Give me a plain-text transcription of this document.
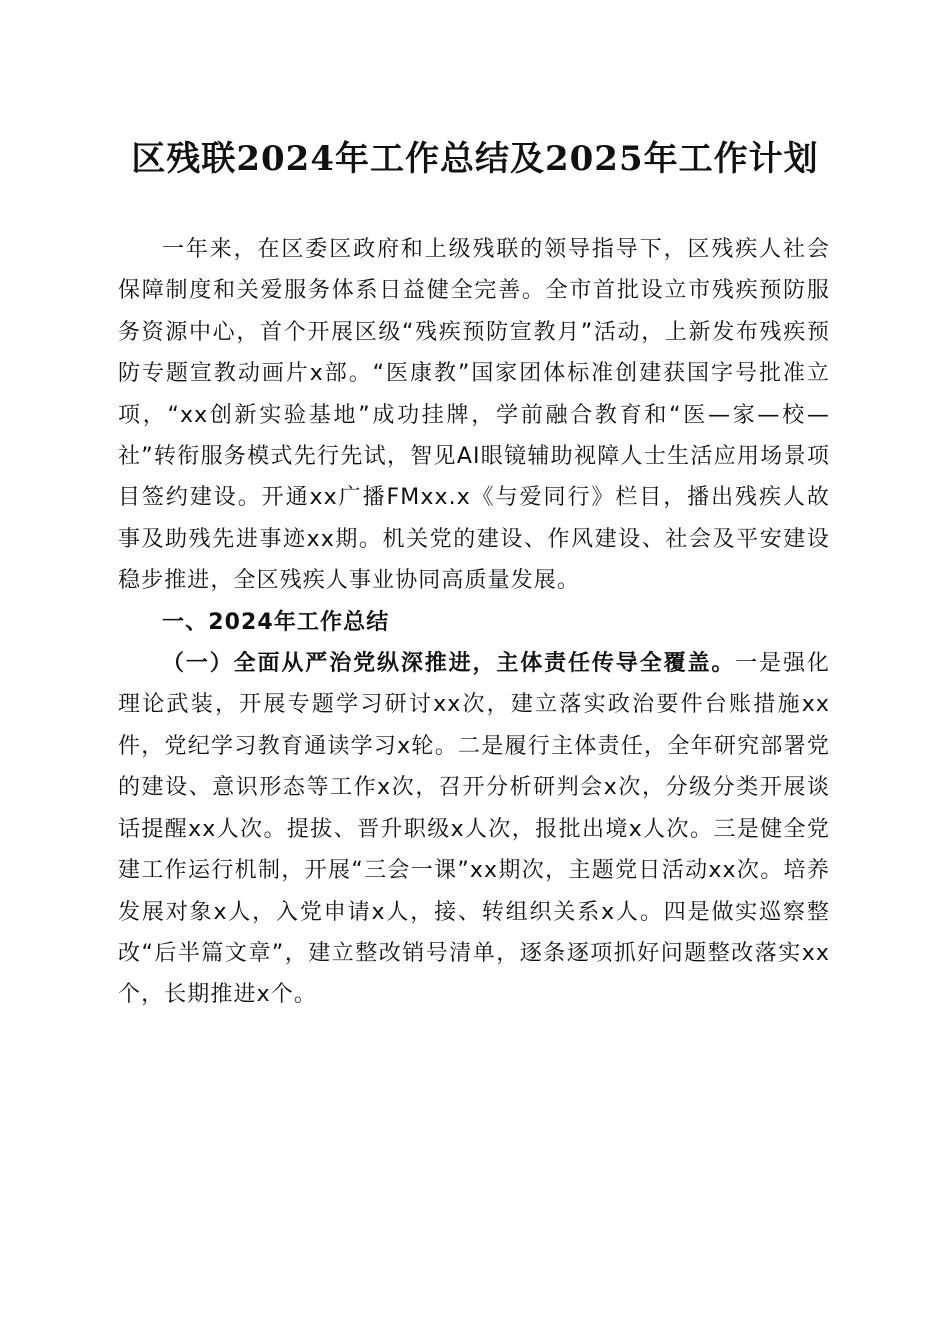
区残联2024年工作总结及2025年工作计划

一年来，在区委区政府和上级残联的领导指导下，区残疾人社会保障制度和关爱服务体系日益健全完善。全市首批设立市残疾预防服务资源中心，首个开展区级“残疾预防宣教月”活动，上新发布残疾预防专题宣教动画片x部。“医康教”国家团体标准创建获国字号批准立项，“xx创新实验基地”成功挂牌，学前融合教育和“医—家—校—社”转衔服务模式先行先试，智见AI眼镜辅助视障人士生活应用场景项目签约建设。开通xx广播FMxx.x《与爱同行》栏目，播出残疾人故事及助残先进事迹xx期。机关党的建设、作风建设、社会及平安建设稳步推进，全区残疾人事业协同高质量发展。

一、2024年工作总结

（一）全面从严治党纵深推进，主体责任传导全覆盖。一是强化理论武装，开展专题学习研讨xx次，建立落实政治要件台账措施xx件，党纪学习教育通读学习x轮。二是履行主体责任，全年研究部署党的建设、意识形态等工作x次，召开分析研判会x次，分级分类开展谈话提醒xx人次。提拔、晋升职级x人次，报批出境x人次。三是健全党建工作运行机制，开展“三会一课”xx期次，主题党日活动xx次。培养发展对象x人，入党申请x人，接、转组织关系x人。四是做实巡察整改“后半篇文章”，建立整改销号清单，逐条逐项抓好问题整改落实xx个，长期推进x个。
